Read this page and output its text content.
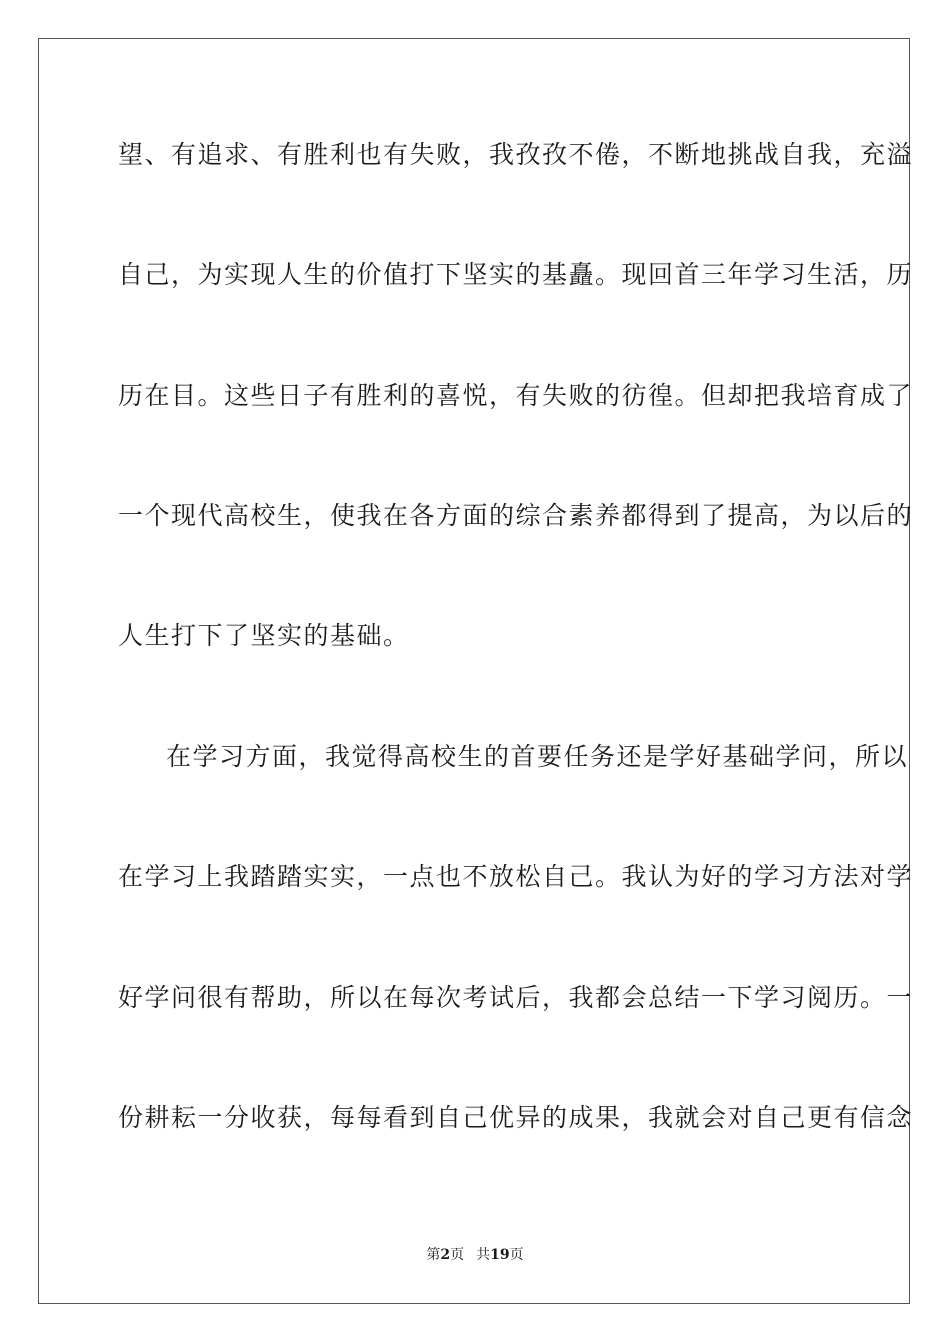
望、有追求、有胜利也有失败，我孜孜不倦，不断地挑战自我，充溢
自己，为实现人生的价值打下坚实的基矗。现回首三年学习生活，历
历在目。这些日子有胜利的喜悦，有失败的彷徨。但却把我培育成了
一个现代高校生，使我在各方面的综合素养都得到了提高，为以后的
人生打下了坚实的基础。
在学习方面，我觉得高校生的首要任务还是学好基础学问，所以
在学习上我踏踏实实，一点也不放松自己。我认为好的学习方法对学
好学问很有帮助，所以在每次考试后，我都会总结一下学习阅历。一
份耕耘一分收获，每每看到自己优异的成果，我就会对自己更有信念
第2页 共19页
